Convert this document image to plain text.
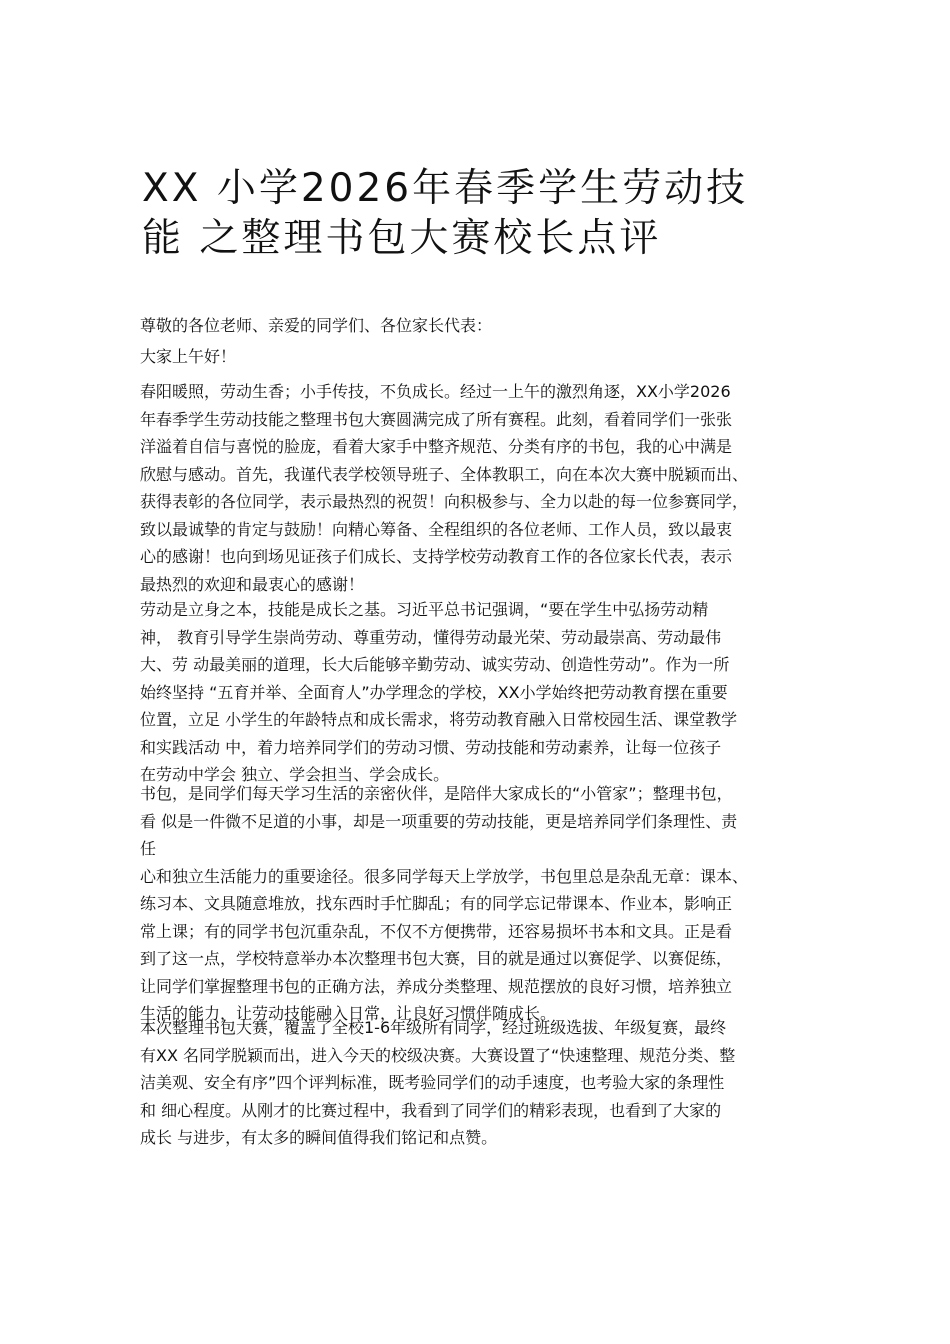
XX 小学2026年春季学生劳动技
能 之整理书包大赛校长点评

尊敬的各位老师、亲爱的同学们、各位家长代表：

大家上午好！

春阳暖照，劳动生香；小手传技，不负成长。经过一上午的激烈角逐，XX小学2026
年春季学生劳动技能之整理书包大赛圆满完成了所有赛程。此刻，看着同学们一张张
洋溢着自信与喜悦的脸庞，看着大家手中整齐规范、分类有序的书包，我的心中满是
欣慰与感动。首先，我谨代表学校领导班子、全体教职工，向在本次大赛中脱颖而出、
获得表彰的各位同学，表示最热烈的祝贺！向积极参与、全力以赴的每一位参赛同学，
致以最诚挚的肯定与鼓励！向精心筹备、全程组织的各位老师、工作人员，致以最衷
心的感谢！也向到场见证孩子们成长、支持学校劳动教育工作的各位家长代表，表示
最热烈的欢迎和最衷心的感谢！

劳动是立身之本，技能是成长之基。习近平总书记强调，“要在学生中弘扬劳动精
神， 教育引导学生崇尚劳动、尊重劳动，懂得劳动最光荣、劳动最崇高、劳动最伟
大、劳 动最美丽的道理，长大后能够辛勤劳动、诚实劳动、创造性劳动”。作为一所
始终坚持 “五育并举、全面育人”办学理念的学校，XX小学始终把劳动教育摆在重要
位置，立足 小学生的年龄特点和成长需求，将劳动教育融入日常校园生活、课堂教学
和实践活动 中，着力培养同学们的劳动习惯、劳动技能和劳动素养，让每一位孩子
在劳动中学会 独立、学会担当、学会成长。

书包，是同学们每天学习生活的亲密伙伴，是陪伴大家成长的“小管家”；整理书包，
看 似是一件微不足道的小事，却是一项重要的劳动技能，更是培养同学们条理性、责
任
心和独立生活能力的重要途径。很多同学每天上学放学，书包里总是杂乱无章：课本、
练习本、文具随意堆放，找东西时手忙脚乱；有的同学忘记带课本、作业本，影响正
常上课；有的同学书包沉重杂乱，不仅不方便携带，还容易损坏书本和文具。正是看
到了这一点，学校特意举办本次整理书包大赛，目的就是通过以赛促学、以赛促练，
让同学们掌握整理书包的正确方法，养成分类整理、规范摆放的良好习惯，培养独立
生活的能力，让劳动技能融入日常，让良好习惯伴随成长。

本次整理书包大赛，覆盖了全校1-6年级所有同学，经过班级选拔、年级复赛，最终
有XX 名同学脱颖而出，进入今天的校级决赛。大赛设置了“快速整理、规范分类、整
洁美观、安全有序”四个评判标准，既考验同学们的动手速度，也考验大家的条理性
和 细心程度。从刚才的比赛过程中，我看到了同学们的精彩表现，也看到了大家的
成长 与进步，有太多的瞬间值得我们铭记和点赞。
